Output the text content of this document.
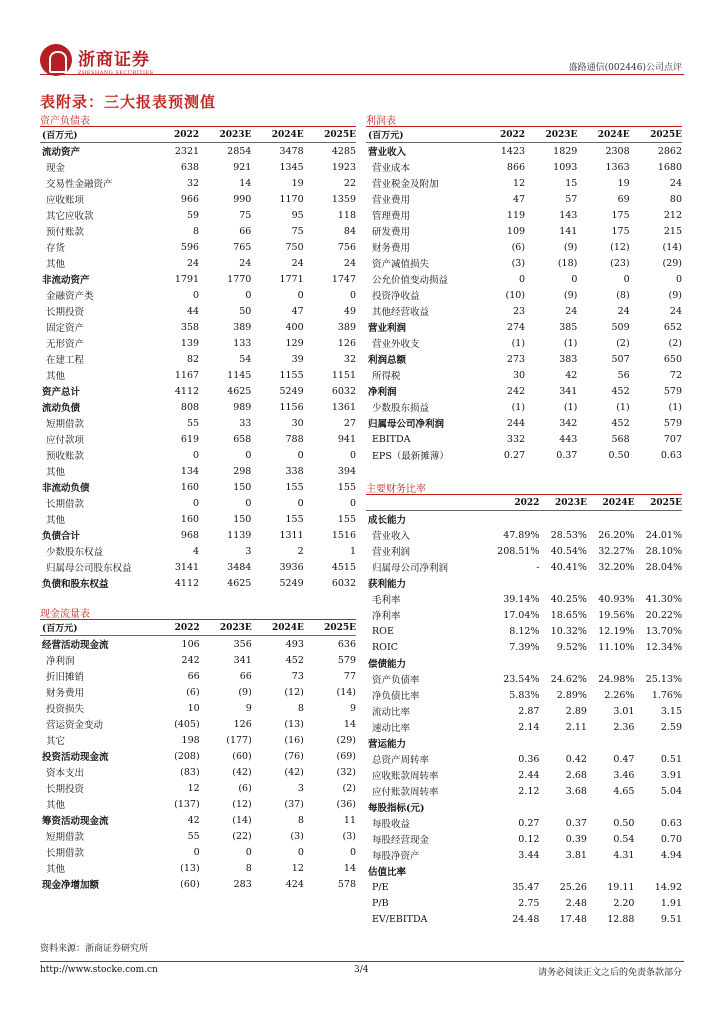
浙商证券
ZHESHANG SECURITIES	盛路通信(002446)公司点评
表附录：三大报表预测值
资产负债表
(百万元)	2022	2023E	2024E	2025E
流动资产	2321	2854	3478	4285
现金	638	921	1345	1923
交易性金融资产	32	14	19	22
应收账项	966	990	1170	1359
其它应收款	59	75	95	118
预付账款	8	66	75	84
存货	596	765	750	756
其他	24	24	24	24
非流动资产	1791	1770	1771	1747
金融资产类	0	0	0	0
长期投资	44	50	47	49
固定资产	358	389	400	389
无形资产	139	133	129	126
在建工程	82	54	39	32
其他	1167	1145	1155	1151
资产总计	4112	4625	5249	6032
流动负债	808	989	1156	1361
短期借款	55	33	30	27
应付款项	619	658	788	941
预收账款	0	0	0	0
其他	134	298	338	394
非流动负债	160	150	155	155
长期借款	0	0	0	0
其他	160	150	155	155
负债合计	968	1139	1311	1516
少数股东权益	4	3	2	1
归属母公司股东权益	3141	3484	3936	4515
负债和股东权益	4112	4625	5249	6032
利润表
(百万元)	2022	2023E	2024E	2025E
营业收入	1423	1829	2308	2862
营业成本	866	1093	1363	1680
营业税金及附加	12	15	19	24
营业费用	47	57	69	80
管理费用	119	143	175	212
研发费用	109	141	175	215
财务费用	(6)	(9)	(12)	(14)
资产减值损失	(3)	(18)	(23)	(29)
公允价值变动损益	0	0	0	0
投资净收益	(10)	(9)	(8)	(9)
其他经营收益	23	24	24	24
营业利润	274	385	509	652
营业外收支	(1)	(1)	(2)	(2)
利润总额	273	383	507	650
所得税	30	42	56	72
净利润	242	341	452	579
少数股东损益	(1)	(1)	(1)	(1)
归属母公司净利润	244	342	452	579
EBITDA	332	443	568	707
EPS（最新摊薄）	0.27	0.37	0.50	0.63
主要财务比率
	2022	2023E	2024E	2025E
成长能力				
营业收入	47.89%	28.53%	26.20%	24.01%
营业利润	208.51%	40.54%	32.27%	28.10%
归属母公司净利润	-	40.41%	32.20%	28.04%
获利能力				
毛利率	39.14%	40.25%	40.93%	41.30%
净利率	17.04%	18.65%	19.56%	20.22%
ROE	8.12%	10.32%	12.19%	13.70%
ROIC	7.39%	9.52%	11.10%	12.34%
偿债能力				
资产负债率	23.54%	24.62%	24.98%	25.13%
净负债比率	5.83%	2.89%	2.26%	1.76%
流动比率	2.87	2.89	3.01	3.15
速动比率	2.14	2.11	2.36	2.59
营运能力				
总资产周转率	0.36	0.42	0.47	0.51
应收账款周转率	2.44	2.68	3.46	3.91
应付账款周转率	2.12	3.68	4.65	5.04
每股指标(元)				
每股收益	0.27	0.37	0.50	0.63
每股经营现金	0.12	0.39	0.54	0.70
每股净资产	3.44	3.81	4.31	4.94
估值比率				
P/E	35.47	25.26	19.11	14.92
P/B	2.75	2.48	2.20	1.91
EV/EBITDA	24.48	17.48	12.88	9.51
现金流量表
(百万元)	2022	2023E	2024E	2025E
经营活动现金流	106	356	493	636
净利润	242	341	452	579
折旧摊销	66	66	73	77
财务费用	(6)	(9)	(12)	(14)
投资损失	10	9	8	9
营运资金变动	(405)	126	(13)	14
其它	198	(177)	(16)	(29)
投资活动现金流	(208)	(60)	(76)	(69)
资本支出	(83)	(42)	(42)	(32)
长期投资	12	(6)	3	(2)
其他	(137)	(12)	(37)	(36)
筹资活动现金流	42	(14)	8	11
短期借款	55	(22)	(3)	(3)
长期借款	0	0	0	0
其他	(13)	8	12	14
现金净增加额	(60)	283	424	578
资料来源：浙商证券研究所
http://www.stocke.com.cn	3/4	请务必阅读正文之后的免责条款部分
